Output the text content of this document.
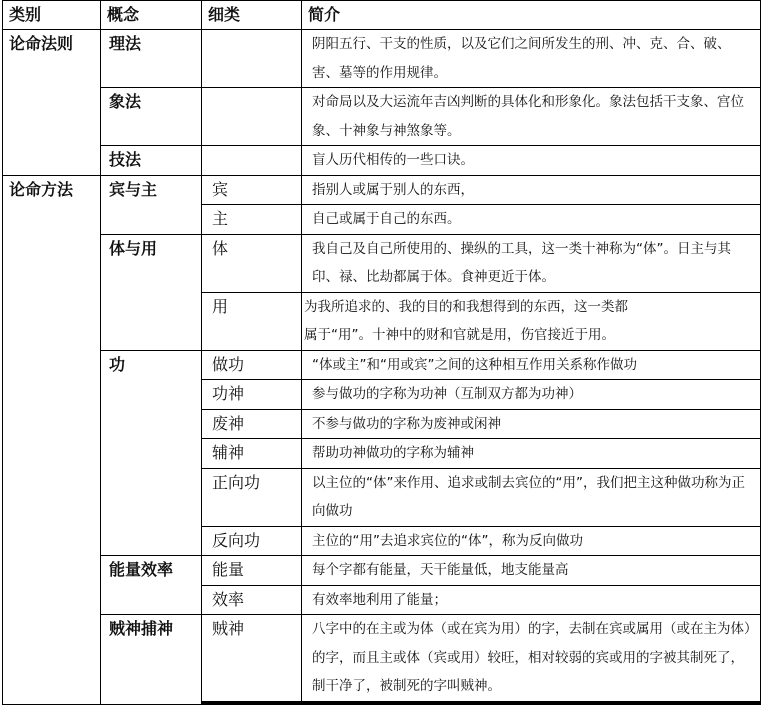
类别	概念	细类	简介
论命法则	理法		阴阳五行、干支的性质，以及它们之间所发生的刑、冲、克、合、破、害、墓等的作用规律。
	象法		对命局以及大运流年吉凶判断的具体化和形象化。象法包括干支象、宫位象、十神象与神煞象等。
	技法		盲人历代相传的一些口诀。
论命方法	宾与主	宾	指别人或属于别人的东西，
		主	自己或属于自己的东西。
	体与用	体	我自己及自己所使用的、操纵的工具，这一类十神称为“体”。日主与其印、禄、比劫都属于体。食神更近于体。
		用	为我所追求的、我的目的和我想得到的东西，这一类都
属于“用”。十神中的财和官就是用，伤官接近于用。

	功	做功	“体或主”和“用或宾”之间的这种相互作用关系称作做功
		功神	参与做功的字称为功神（互制双方都为功神）
		废神	不参与做功的字称为废神或闲神
		辅神	帮助功神做功的字称为辅神
		正向功	以主位的“体”来作用、追求或制去宾位的“用”，我们把主这种做功称为正向做功
		反向功	主位的“用”去追求宾位的“体”，称为反向做功
	能量效率	能量	每个字都有能量，天干能量低，地支能量高
		效率	有效率地利用了能量；
	贼神捕神	贼神	八字中的在主或为体（或在宾为用）的字，去制在宾或属用（或在主为体）的字，而且主或体（宾或用）较旺，相对较弱的宾或用的字被其制死了，制干净了，被制死的字叫贼神。
